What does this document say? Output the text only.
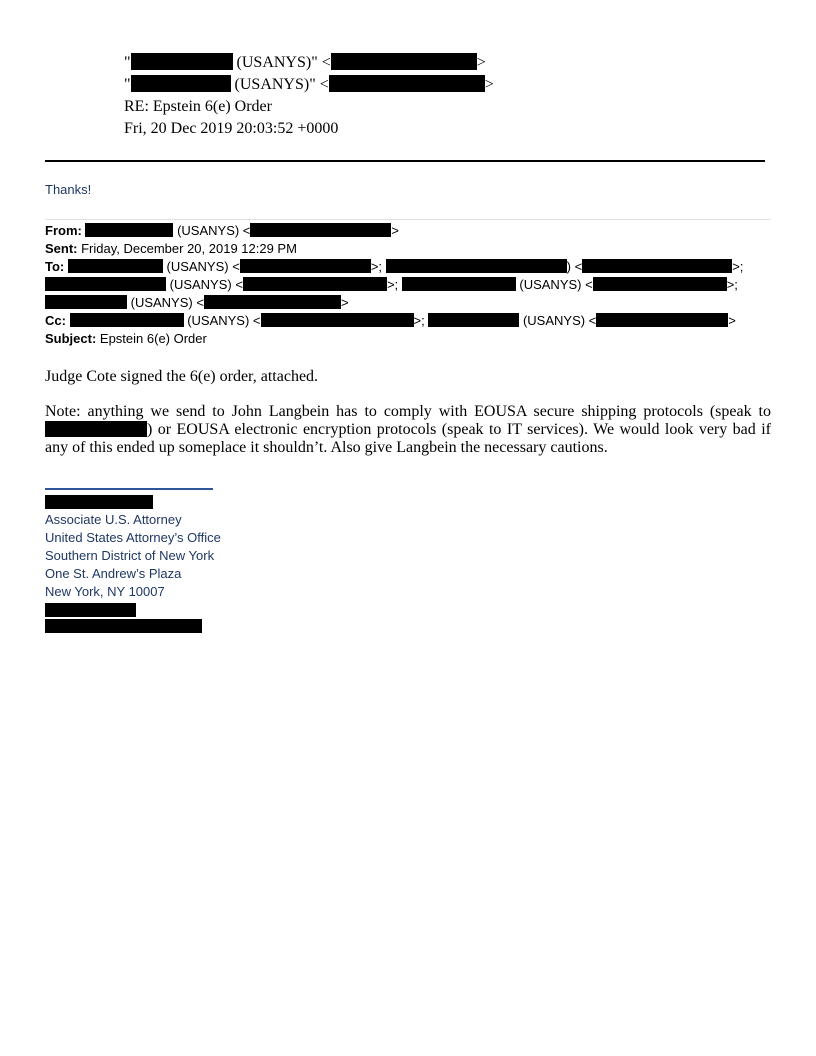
"	(USANYS)" <	>
"	(USANYS)" <	>
RE: Epstein 6(e) Order
Fri, 20 Dec 2019 20:03:52 +0000
Thanks!
From:	(USANYS) <	>
Sent: Friday, December 20, 2019 12:29 PM
To:	(USANYS) <	>;	) <	>;
(USANYS) <	>;	(USANYS) <	>;
(USANYS) <	>
Cc:	(USANYS) <	>;	(USANYS) <	>
Subject: Epstein 6(e) Order

Judge Cote signed the 6(e) order, attached.

Note: anything we send to John Langbein has to comply with EOUSA secure shipping protocols (speak to ) or EOUSA electronic encryption protocols (speak to IT services). We would look very bad if any of this ended up someplace it shouldn’t. Also give Langbein the necessary cautions.

Associate U.S. Attorney
United States Attorney’s Office
Southern District of New York
One St. Andrew’s Plaza
New York, NY 10007
